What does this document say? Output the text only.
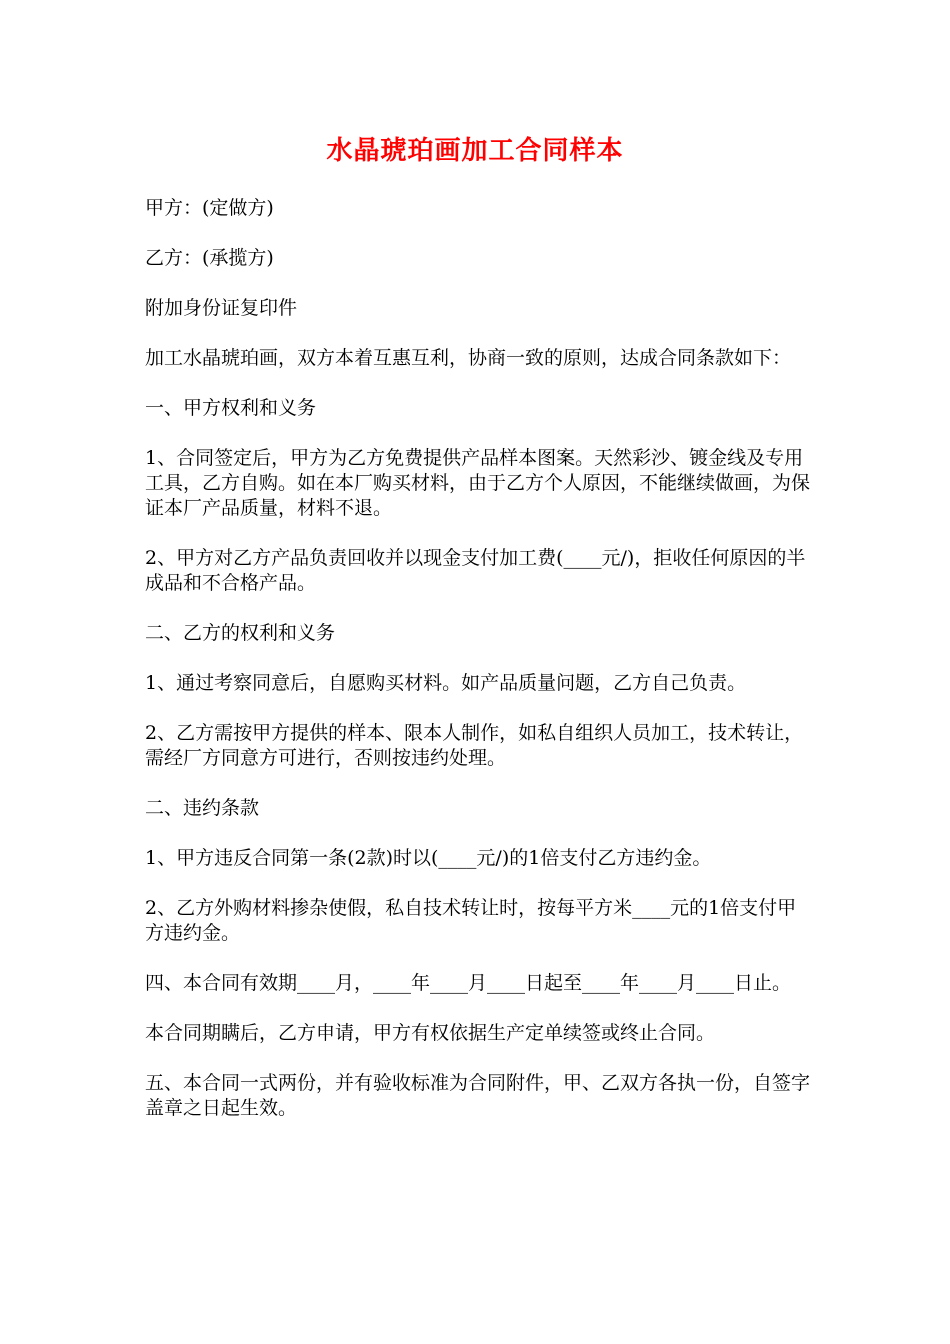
水晶琥珀画加工合同样本

甲方：(定做方)

乙方：(承揽方)

附加身份证复印件

加工水晶琥珀画，双方本着互惠互利，协商一致的原则，达成合同条款如下：

一、甲方权利和义务

1、合同签定后，甲方为乙方免费提供产品样本图案。天然彩沙、镀金线及专用工具，乙方自购。如在本厂购买材料，由于乙方个人原因，不能继续做画，为保证本厂产品质量，材料不退。

2、甲方对乙方产品负责回收并以现金支付加工费(____元/)，拒收任何原因的半成品和不合格产品。

二、乙方的权利和义务

1、通过考察同意后，自愿购买材料。如产品质量问题，乙方自己负责。

2、乙方需按甲方提供的样本、限本人制作，如私自组织人员加工，技术转让，需经厂方同意方可进行，否则按违约处理。

二、违约条款

1、甲方违反合同第一条(2款)时以(____元/)的1倍支付乙方违约金。

2、乙方外购材料掺杂使假，私自技术转让时，按每平方米____元的1倍支付甲方违约金。

四、本合同有效期____月，____年____月____日起至____年____月____日止。

本合同期瞒后，乙方申请，甲方有权依据生产定单续签或终止合同。

五、本合同一式两份，并有验收标准为合同附件，甲、乙双方各执一份，自签字盖章之日起生效。
